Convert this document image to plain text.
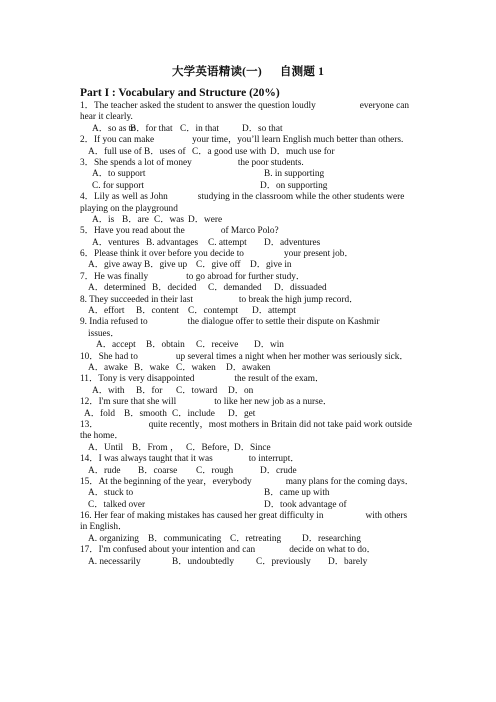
大学英语精读(一) 自测题 1
Part I : Vocabulary and Structure (20%)
1．The teacher asked the student to answer the question loudly	everyone can
hear it clearly.
A．so as toB．for that C．in that D．so that
2．If you can make	your time，you’ll learn English much better than others.
A．full use of B．uses of C．a good use with D．much use for
3．She spends a lot of money	the poor students.
A．to support	B. in supporting
C. for support	D．on supporting
4．Lily as well as John	studying in the classroom while the other students were
playing on the playground
A．is B．are C．was D．were
5．Have you read about the	of Marco Polo?
A．ventures B. advantages C. attempt D．adventures
6．Please think it over before you decide to	your present job．
A．give away B．give up C．give off D．give in
7．He was finally	to go abroad for further study．
A．determined B．decided C．demanded D．dissuaded
8. They succeeded in their last	to break the high jump record．
A．effort B．content C．contempt D．attempt
9. India refused to	the dialogue offer to settle their dispute on Kashmir
issues．
A．accept B．obtain C．receive D．win
10．She had to	up several times a night when her mother was seriously sick．
A．awake B．wake C．waken D．awaken
11．Tony is very disappointed	the result of the exam．
A．with B．for C．toward D．on
12．I'm sure that she will	to like her new job as a nurse．
A．fold B．smooth C．include D．get
13．	quite recently，most mothers in Britain did not take paid work outside
the home．
A．Until B．From ， C．Before，D．Since
14．I was always taught that it was	to interrupt．
A．rude B．coarse C．rough	D．crude
15．At the beginning of the year，everybody	many plans for the coming days．
A．stuck to	B．came up with
C．talked over	D．took advantage of
16. Her fear of making mistakes has caused her great difficulty in	with others
in English．
A. organizing B．communicating C．retreating D．researching
17．I'm confused about your intention and can	decide on what to do．
A. necessarily	B．undoubtedly C．previously D．barely
